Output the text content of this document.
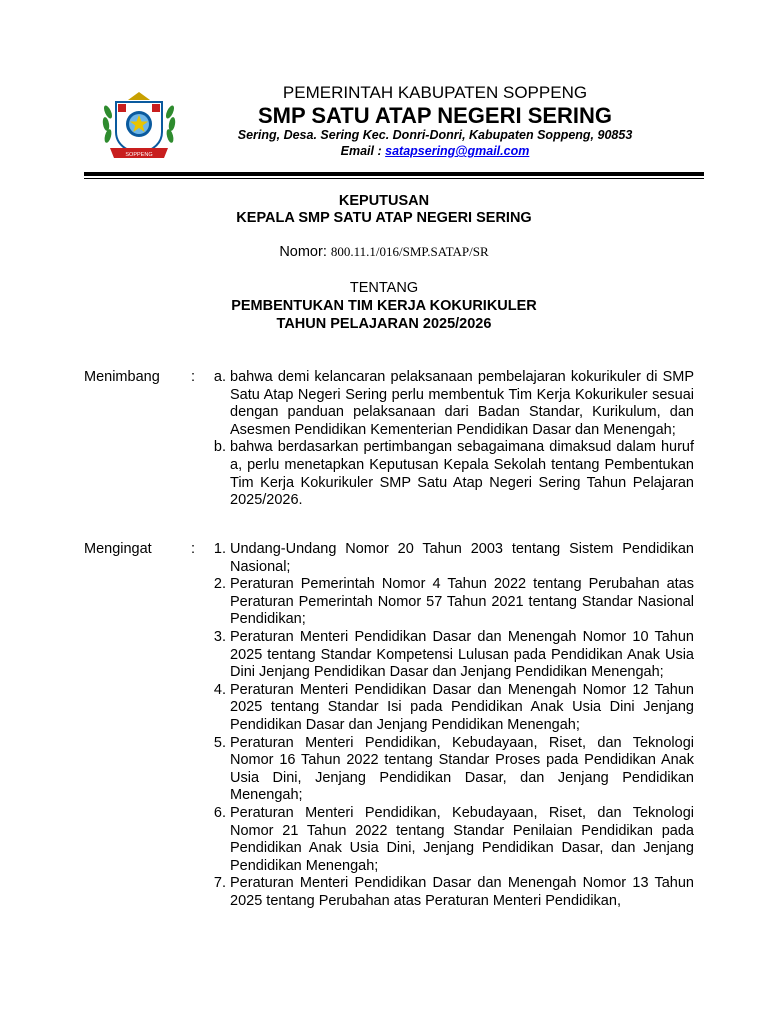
SOPPENG
PEMERINTAH KABUPATEN SOPPENG
SMP SATU ATAP NEGERI SERING
Sering, Desa. Sering Kec. Donri-Donri, Kabupaten Soppeng, 90853
Email : satapsering@gmail.com
KEPUTUSAN
KEPALA SMP SATU ATAP NEGERI SERING
Nomor: 800.11.1/016/SMP.SATAP/SR
TENTANG
PEMBENTUKAN TIM KERJA KOKURIKULER
TAHUN PELAJARAN 2025/2026
Menimbang :	a. bahwa demi kelancaran pelaksanaan pembelajaran kokurikuler di SMP Satu Atap Negeri Sering perlu membentuk Tim Kerja Kokurikuler sesuai dengan panduan pelaksanaan dari Badan Standar, Kurikulum, dan Asesmen Pendidikan Kementerian Pendidikan Dasar dan Menengah;
b. bahwa berdasarkan pertimbangan sebagaimana dimaksud dalam huruf a, perlu menetapkan Keputusan Kepala Sekolah tentang Pembentukan Tim Kerja Kokurikuler SMP Satu Atap Negeri Sering Tahun Pelajaran 2025/2026.
Mengingat	:	1. Undang-Undang Nomor 20 Tahun 2003 tentang Sistem Pendidikan Nasional;
2. Peraturan Pemerintah Nomor 4 Tahun 2022 tentang Perubahan atas Peraturan Pemerintah Nomor 57 Tahun 2021 tentang Standar Nasional Pendidikan;
3. Peraturan Menteri Pendidikan Dasar dan Menengah Nomor 10 Tahun 2025 tentang Standar Kompetensi Lulusan pada Pendidikan Anak Usia Dini Jenjang Pendidikan Dasar dan Jenjang Pendidikan Menengah;
4. Peraturan Menteri Pendidikan Dasar dan Menengah Nomor 12 Tahun 2025 tentang Standar Isi pada Pendidikan Anak Usia Dini Jenjang Pendidikan Dasar dan Jenjang Pendidikan Menengah;
5. Peraturan Menteri Pendidikan, Kebudayaan, Riset, dan Teknologi Nomor 16 Tahun 2022 tentang Standar Proses pada Pendidikan Anak Usia Dini, Jenjang Pendidikan Dasar, dan Jenjang Pendidikan Menengah;
6. Peraturan Menteri Pendidikan, Kebudayaan, Riset, dan Teknologi Nomor 21 Tahun 2022 tentang Standar Penilaian Pendidikan pada Pendidikan Anak Usia Dini, Jenjang Pendidikan Dasar, dan Jenjang Pendidikan Menengah;
7. Peraturan Menteri Pendidikan Dasar dan Menengah Nomor 13 Tahun 2025 tentang Perubahan atas Peraturan Menteri Pendidikan,
